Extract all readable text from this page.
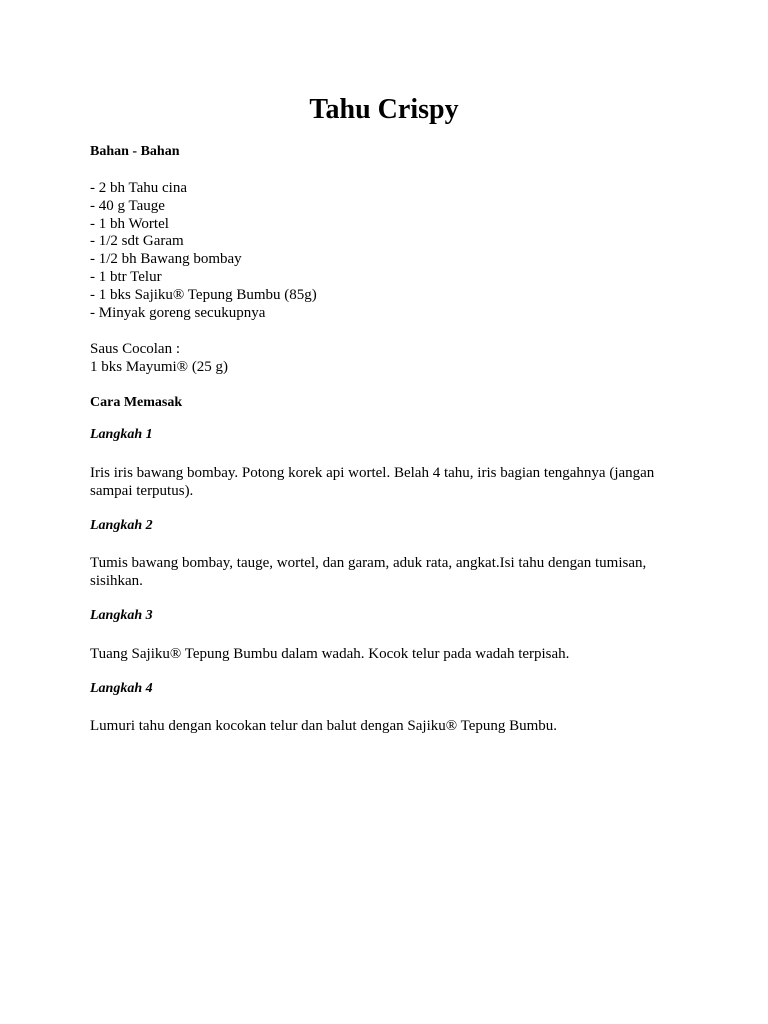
Tahu Crispy
Bahan - Bahan
- 2 bh Tahu cina
- 40 g Tauge
- 1 bh Wortel
- 1/2 sdt Garam
- 1/2 bh Bawang bombay
- 1 btr Telur
- 1 bks Sajiku® Tepung Bumbu (85g)
- Minyak goreng secukupnya
Saus Cocolan :
1 bks Mayumi® (25 g)
Cara Memasak
Langkah 1

Iris iris bawang bombay. Potong korek api wortel. Belah 4 tahu, iris bagian tengahnya (jangan sampai terputus).

Langkah 2

Tumis bawang bombay, tauge, wortel, dan garam, aduk rata, angkat.Isi tahu dengan tumisan, sisihkan.

Langkah 3

Tuang Sajiku® Tepung Bumbu dalam wadah. Kocok telur pada wadah terpisah.

Langkah 4

Lumuri tahu dengan kocokan telur dan balut dengan Sajiku® Tepung Bumbu.
